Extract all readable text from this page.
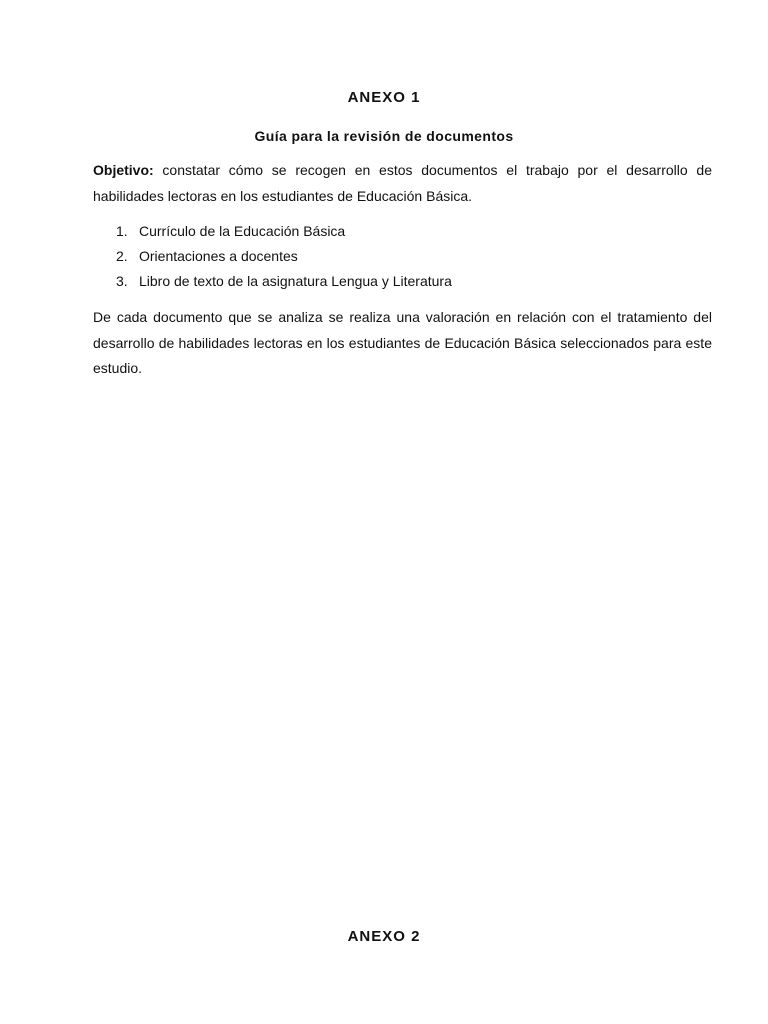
ANEXO 1
Guía para la revisión de documentos

Objetivo: constatar cómo se recogen en estos documentos el trabajo por el desarrollo de habilidades lectoras en los estudiantes de Educación Básica.

1. Currículo de la Educación Básica
2. Orientaciones a docentes
3. Libro de texto de la asignatura Lengua y Literatura

De cada documento que se analiza se realiza una valoración en relación con el tratamiento del desarrollo de habilidades lectoras en los estudiantes de Educación Básica seleccionados para este estudio.

ANEXO 2
